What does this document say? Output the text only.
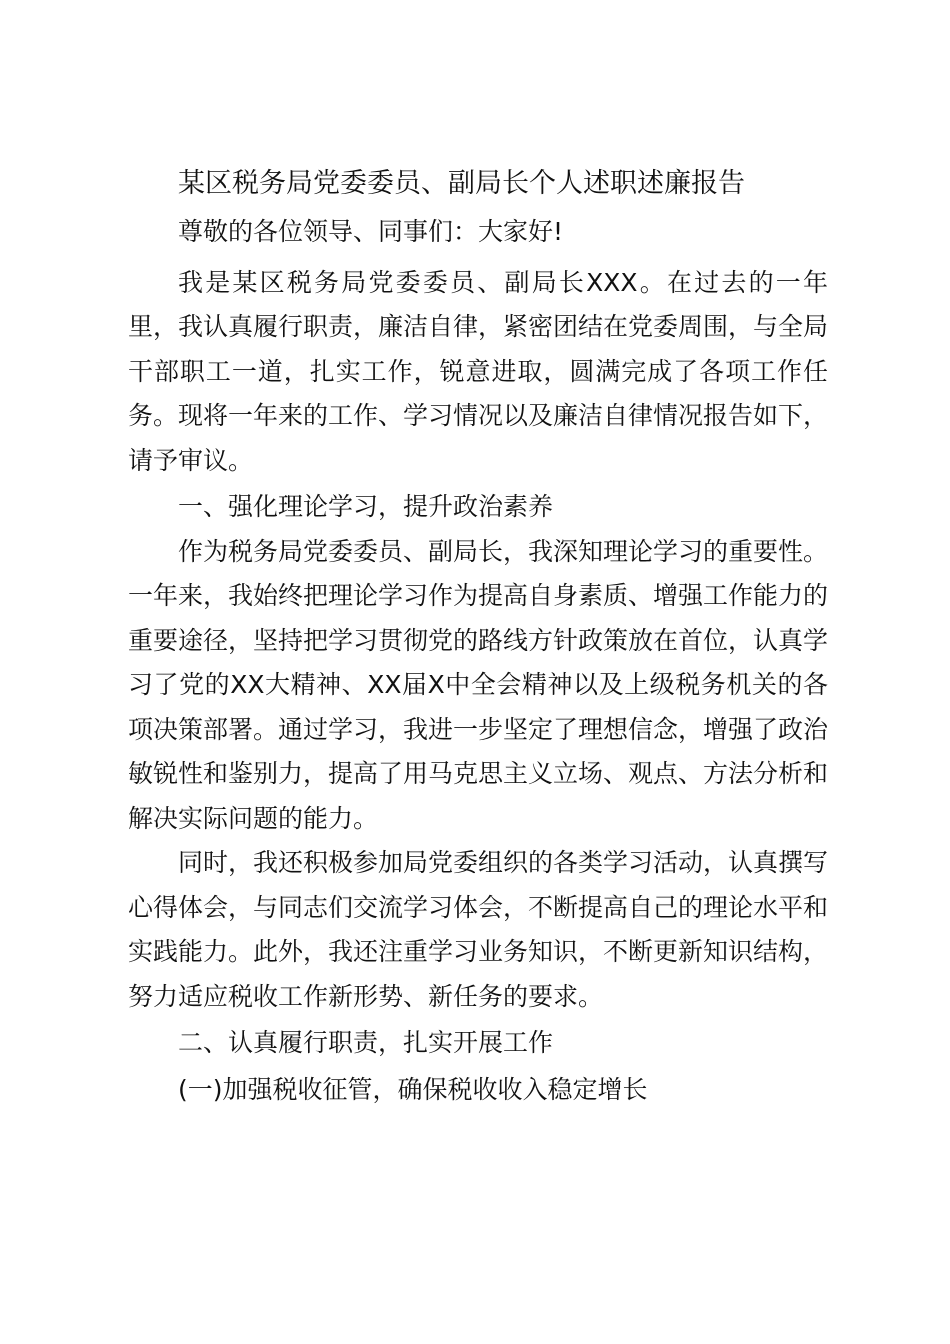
某区税务局党委委员、副局长个人述职述廉报告

尊敬的各位领导、同事们：大家好!

我是某区税务局党委委员、副局长XXX。在过去的一年里，我认真履行职责，廉洁自律，紧密团结在党委周围，与全局干部职工一道，扎实工作，锐意进取，圆满完成了各项工作任务。现将一年来的工作、学习情况以及廉洁自律情况报告如下，请予审议。

一、强化理论学习，提升政治素养

作为税务局党委委员、副局长，我深知理论学习的重要性。一年来，我始终把理论学习作为提高自身素质、增强工作能力的重要途径，坚持把学习贯彻党的路线方针政策放在首位，认真学习了党的XX大精神、XX届X中全会精神以及上级税务机关的各项决策部署。通过学习，我进一步坚定了理想信念，增强了政治敏锐性和鉴别力，提高了用马克思主义立场、观点、方法分析和解决实际问题的能力。

同时，我还积极参加局党委组织的各类学习活动，认真撰写心得体会，与同志们交流学习体会，不断提高自己的理论水平和实践能力。此外，我还注重学习业务知识，不断更新知识结构，努力适应税收工作新形势、新任务的要求。

二、认真履行职责，扎实开展工作

(一)加强税收征管，确保税收收入稳定增长
